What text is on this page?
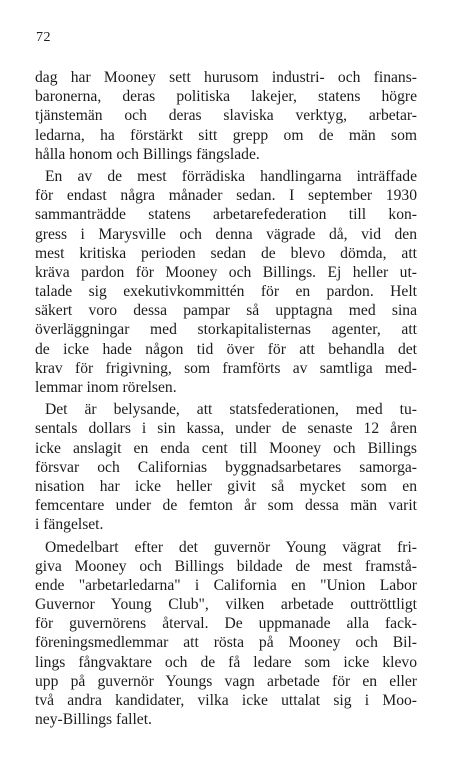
72
dag har Mooney sett hurusom industri- och finans-
baronerna, deras politiska lakejer, statens högre
tjänstemän och deras slaviska verktyg, arbetar-
ledarna, ha förstärkt sitt grepp om de män som
hålla honom och Billings fängslade.
En av de mest förrädiska handlingarna inträffade
för endast några månader sedan. I september 1930
sammanträdde statens arbetarefederation till kon-
gress i Marysville och denna vägrade då, vid den
mest kritiska perioden sedan de blevo dömda, att
kräva pardon för Mooney och Billings. Ej heller ut-
talade sig exekutivkommittén för en pardon. Helt
säkert voro dessa pampar så upptagna med sina
överläggningar med storkapitalisternas agenter, att
de icke hade någon tid över för att behandla det
krav för frigivning, som framförts av samtliga med-
lemmar inom rörelsen.
Det är belysande, att statsfederationen, med tu-
sentals dollars i sin kassa, under de senaste 12 åren
icke anslagit en enda cent till Mooney och Billings
försvar och Californias byggnadsarbetares samorga-
nisation har icke heller givit så mycket som en
femcentare under de femton år som dessa män varit
i fängelset.
Omedelbart efter det guvernör Young vägrat fri-
giva Mooney och Billings bildade de mest framstå-
ende "arbetarledarna" i California en "Union Labor
Guvernor Young Club", vilken arbetade outtröttligt
för guvernörens återval. De uppmanade alla fack-
föreningsmedlemmar att rösta på Mooney och Bil-
lings fångvaktare och de få ledare som icke klevo
upp på guvernör Youngs vagn arbetade för en eller
två andra kandidater, vilka icke uttalat sig i Moo-
ney-Billings fallet.
